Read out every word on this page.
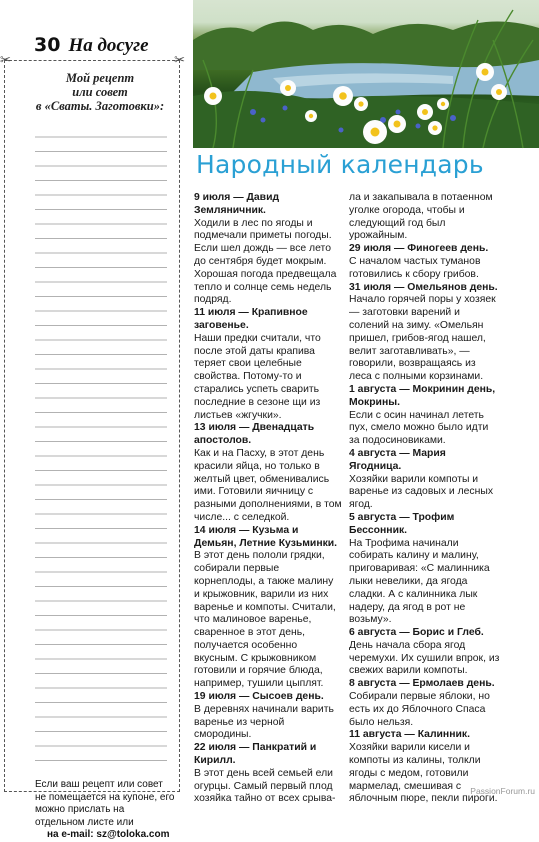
30 На досуге
✂	✂
Мой рецепт
или совет
в «Сваты. Заготовки»:
Если ваш рецепт или совет не помещается на купоне, его можно прислать на отдельном листе или
на e-mail: sz@toloka.com
Народный календарь
9 июля — Давид Земляничник.
Ходили в лес по ягоды и подмечали приметы погоды. Если шел дождь — все лето до сентября будет мокрым. Хорошая погода предвещала тепло и солнце семь недель подряд.
11 июля — Крапивное заговенье.
Наши предки считали, что после этой даты крапива теряет свои целебные свойства. Потому-то и старались успеть сварить последние в сезоне щи из листьев «жгучки».
13 июля — Двенадцать апостолов.
Как и на Пасху, в этот день красили яйца, но только в желтый цвет, обменивались ими. Готовили яичницу с разными дополнениями, в том числе... с селедкой.
14 июля — Кузьма и Демьян, Летние Кузьминки.
В этот день пололи грядки, собирали первые корнеплоды, а также малину и крыжовник, варили из них варенье и компоты. Считали, что малиновое варенье, сваренное в этот день, получается особенно вкусным. С крыжовником готовили и горячие блюда, например, тушили цыплят.
19 июля — Сысоев день.
В деревнях начинали варить варенье из черной смородины.
22 июля — Панкратий и Кирилл.
В этот день всей семьей ели огурцы. Самый первый плод хозяйка тайно от всех срыва-
ла и закапывала в потаенном уголке огорода, чтобы и следующий год был урожайным.
29 июля — Финогеев день.
С началом частых туманов готовились к сбору грибов.
31 июля — Омельянов день.
Начало горячей поры у хозяек — заготовки варений и солений на зиму. «Омельян пришел, грибов-ягод нашел, велит заготавливать», — говорили, возвращаясь из леса с полными корзинами.
1 августа — Мокринин день, Мокрины.
Если с осин начинал лететь пух, смело можно было идти за подосиновиками.
4 августа — Мария Ягодница.
Хозяйки варили компоты и варенье из садовых и лесных ягод.
5 августа — Трофим Бессонник.
На Трофима начинали собирать калину и малину, приговаривая: «С малинника лыки невелики, да ягода сладки. А с калинника лык надеру, да ягод в рот не возьму».
6 августа — Борис и Глеб.
День начала сбора ягод черемухи. Их сушили впрок, из свежих варили компоты.
8 августа — Ермолаев день.
Собирали первые яблоки, но есть их до Яблочного Спаса было нельзя.
11 августа — Калинник.
Хозяйки варили кисели и компоты из калины, толкли ягоды с медом, готовили мармелад, смешивая с яблочным пюре, пекли пироги.
PassionForum.ru
